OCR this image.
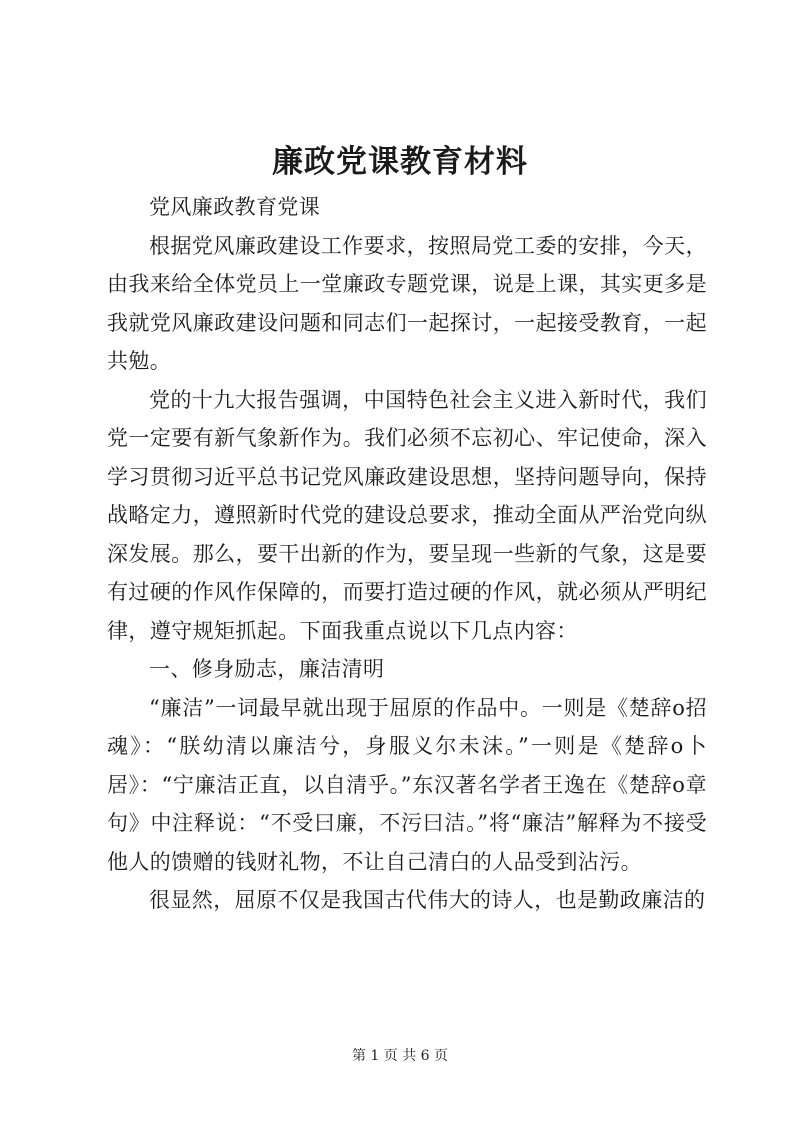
廉政党课教育材料

党风廉政教育党课

根据党风廉政建设工作要求，按照局党工委的安排，今天，由我来给全体党员上一堂廉政专题党课，说是上课，其实更多是我就党风廉政建设问题和同志们一起探讨，一起接受教育，一起共勉。

党的十九大报告强调，中国特色社会主义进入新时代，我们党一定要有新气象新作为。我们必须不忘初心、牢记使命，深入学习贯彻习近平总书记党风廉政建设思想，坚持问题导向，保持战略定力，遵照新时代党的建设总要求，推动全面从严治党向纵深发展。那么，要干出新的作为，要呈现一些新的气象，这是要有过硬的作风作保障的，而要打造过硬的作风，就必须从严明纪律，遵守规矩抓起。下面我重点说以下几点内容：

一、修身励志，廉洁清明

“廉洁”一词最早就出现于屈原的作品中。一则是《楚辞o招魂》：“朕幼清以廉洁兮，身服义尔未沫。”一则是《楚辞o卜居》：“宁廉洁正直，以自清乎。”东汉著名学者王逸在《楚辞o章句》中注释说：“不受曰廉，不污曰洁。”将“廉洁”解释为不接受他人的馈赠的钱财礼物，不让自己清白的人品受到沾污。

很显然，屈原不仅是我国古代伟大的诗人，也是勤政廉洁的

第 1 页 共 6 页
